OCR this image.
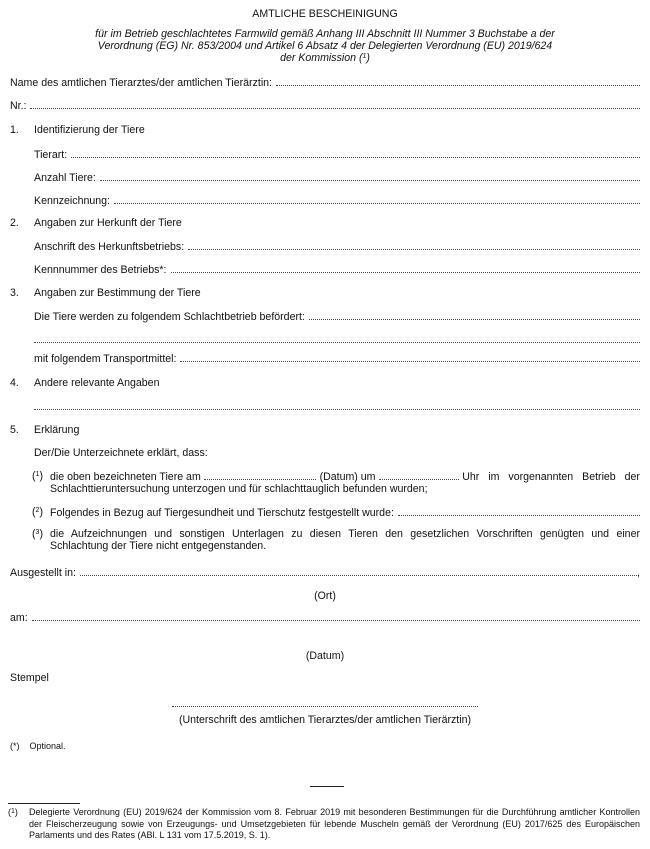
AMTLICHE BESCHEINIGUNG
für im Betrieb geschlachtetes Farmwild gemäß Anhang III Abschnitt III Nummer 3 Buchstabe a der
Verordnung (EG) Nr. 853/2004 und Artikel 6 Absatz 4 der Delegierten Verordnung (EU) 2019/624
der Kommission ($^1$)
Name des amtlichen Tierarztes/der amtlichen Tierärztin:
Nr.:
1. Identifizierung der Tiere
Tierart:
Anzahl Tiere:
Kennzeichnung:
2. Angaben zur Herkunft der Tiere
Anschrift des Herkunftsbetriebs:
Kennnummer des Betriebs*:
3. Angaben zur Bestimmung der Tiere
Die Tiere werden zu folgendem Schlachtbetrieb befördert:
mit folgendem Transportmittel:
4. Andere relevante Angaben
5. Erklärung
Der/Die Unterzeichnete erklärt, dass:
($^1$) die oben bezeichneten Tiere am	(Datum) um	Uhr im vorgenannten Betrieb der
Schlachttieruntersuchung unterzogen und für schlachttauglich befunden wurden;
($^2$) Folgendes in Bezug auf Tiergesundheit und Tierschutz festgestellt wurde:
($^3$) die Aufzeichnungen und sonstigen Unterlagen zu diesen Tieren den gesetzlichen Vorschriften genügten und einer Schlachtung der Tiere nicht entgegenstanden.
Ausgestellt in:	,
(Ort)
am:
(Datum)
Stempel
(Unterschrift des amtlichen Tierarztes/der amtlichen Tierärztin)
(*) Optional.
($^1$) Delegierte Verordnung (EU) 2019/624 der Kommission vom 8. Februar 2019 mit besonderen Bestimmungen für die Durchführung amtlicher Kontrollen der Fleischerzeugung sowie von Erzeugungs- und Umsetzgebieten für lebende Muscheln gemäß der Verordnung (EU) 2017/625 des Europäischen Parlaments und des Rates (ABl. L 131 vom 17.5.2019, S. 1).
